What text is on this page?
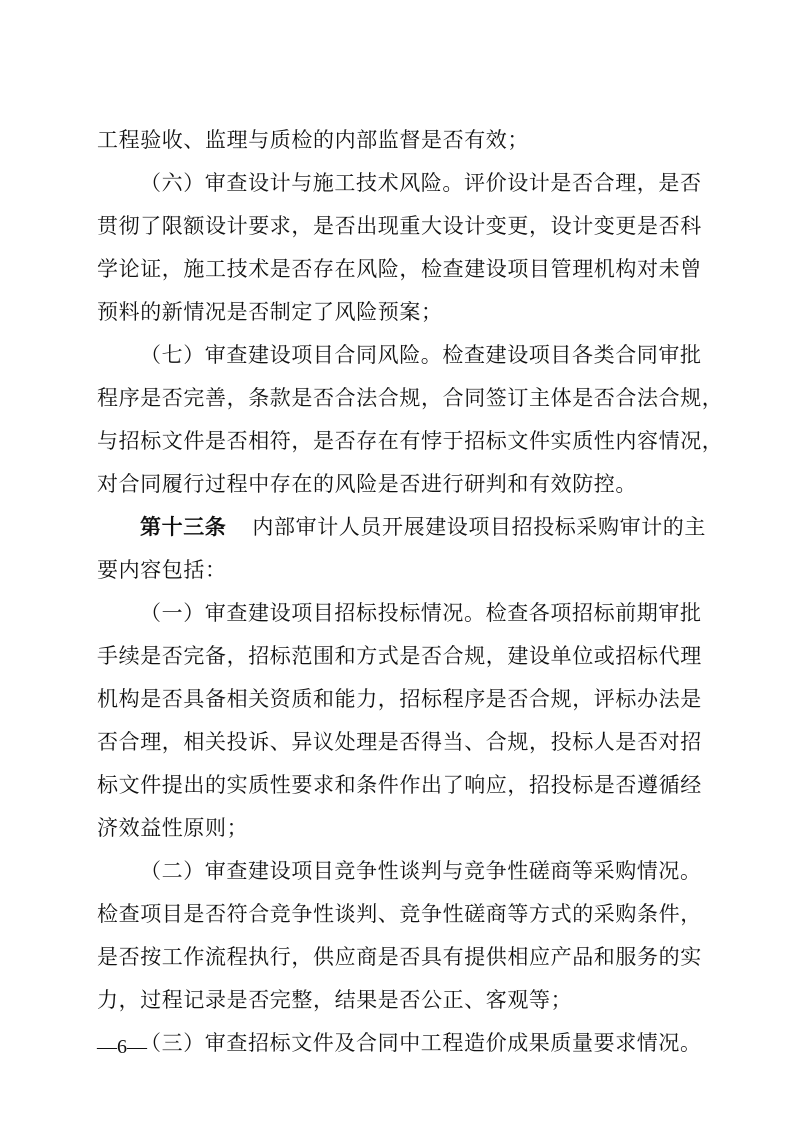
工程验收、监理与质检的内部监督是否有效；
（六）审查设计与施工技术风险。评价设计是否合理，是否
贯彻了限额设计要求，是否出现重大设计变更，设计变更是否科
学论证，施工技术是否存在风险，检查建设项目管理机构对未曾
预料的新情况是否制定了风险预案；
（七）审查建设项目合同风险。检查建设项目各类合同审批
程序是否完善，条款是否合法合规，合同签订主体是否合法合规，
与招标文件是否相符，是否存在有悖于招标文件实质性内容情况，
对合同履行过程中存在的风险是否进行研判和有效防控。
第十三条 内部审计人员开展建设项目招投标采购审计的主
要内容包括：
（一）审查建设项目招标投标情况。检查各项招标前期审批
手续是否完备，招标范围和方式是否合规，建设单位或招标代理
机构是否具备相关资质和能力，招标程序是否合规，评标办法是
否合理，相关投诉、异议处理是否得当、合规，投标人是否对招
标文件提出的实质性要求和条件作出了响应，招投标是否遵循经
济效益性原则；
（二）审查建设项目竞争性谈判与竞争性磋商等采购情况。
检查项目是否符合竞争性谈判、竞争性磋商等方式的采购条件，
是否按工作流程执行，供应商是否具有提供相应产品和服务的实
力，过程记录是否完整，结果是否公正、客观等；
（三）审查招标文件及合同中工程造价成果质量要求情况。
—6—
